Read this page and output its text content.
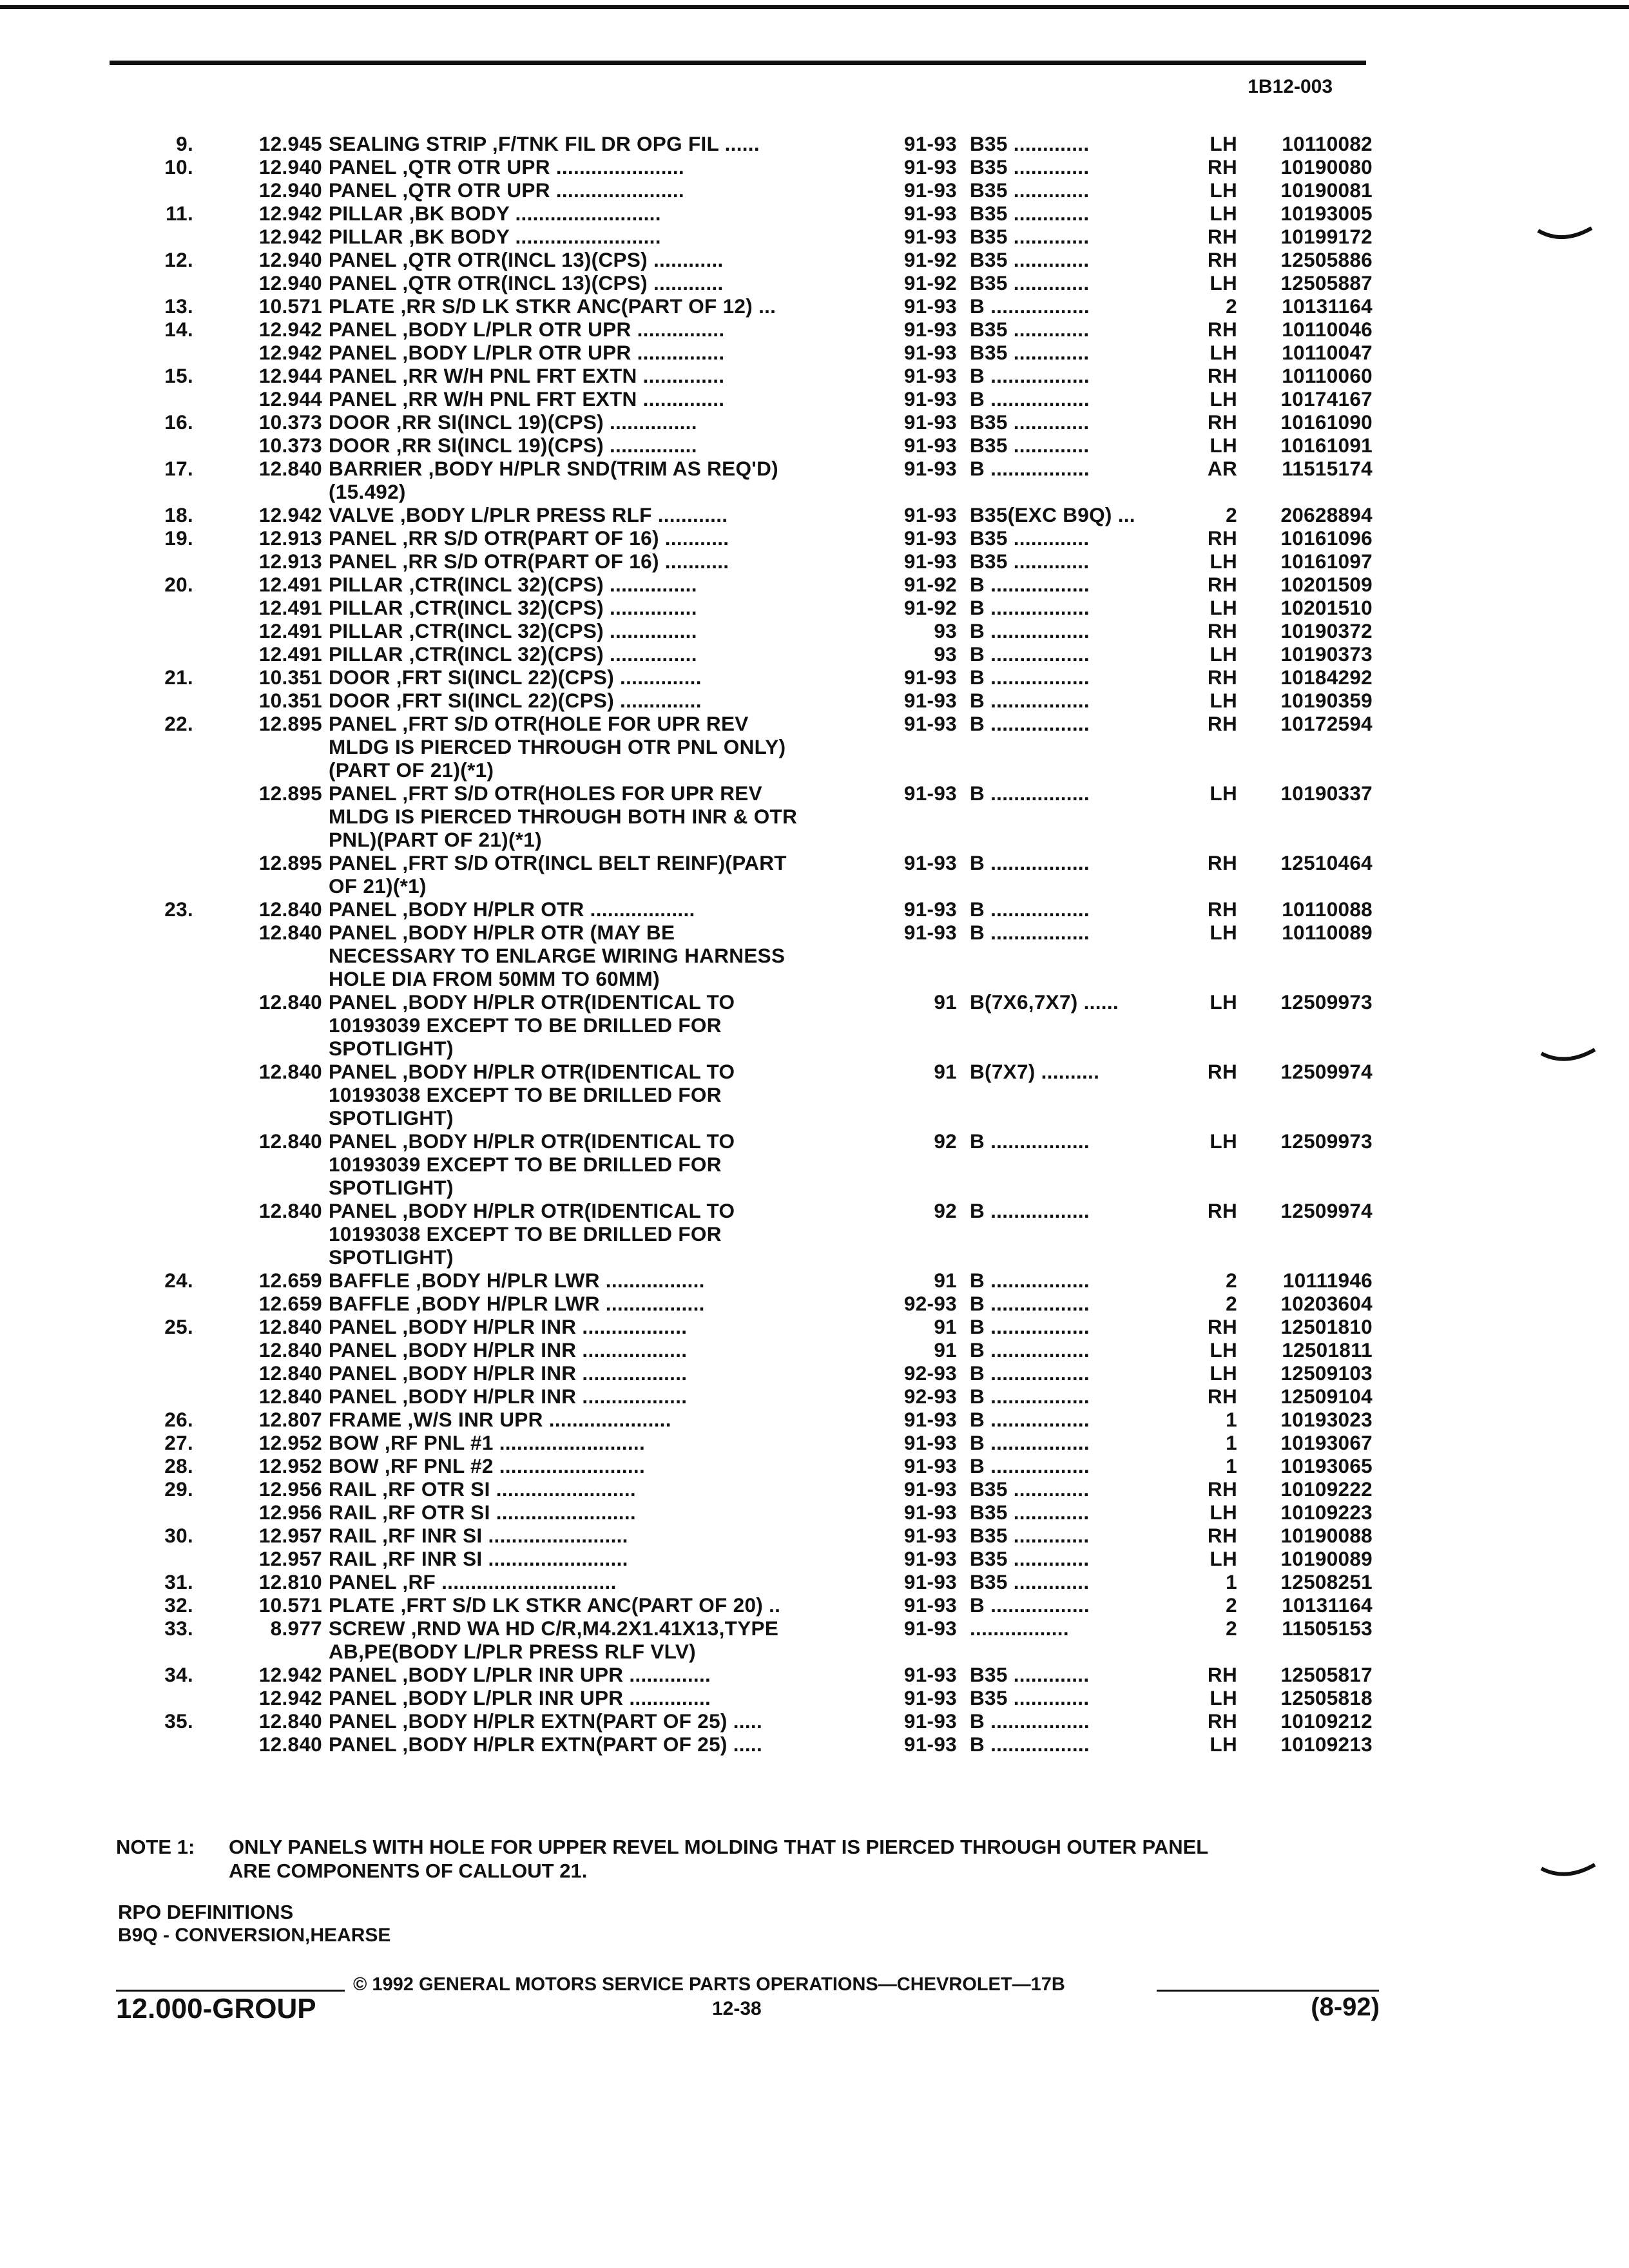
1B12-003
9.	12.945 SEALING STRIP ,F/TNK FIL DR OPG FIL ......	91-93 B35 .............	LH	10110082
10.	12.940 PANEL ,QTR OTR UPR ......................	91-93 B35 .............	RH	10190080
12.940 PANEL ,QTR OTR UPR ......................	91-93 B35 .............	LH	10190081
11.	12.942 PILLAR ,BK BODY .........................	91-93 B35 .............	LH	10193005
12.942 PILLAR ,BK BODY .........................	91-93 B35 .............	RH	10199172
12.	12.940 PANEL ,QTR OTR(INCL 13)(CPS) ............	91-92 B35 .............	RH	12505886
12.940 PANEL ,QTR OTR(INCL 13)(CPS) ............	91-92 B35 .............	LH	12505887
13.	10.571 PLATE ,RR S/D LK STKR ANC(PART OF 12) ...	91-93 B .................	2	10131164
14.	12.942 PANEL ,BODY L/PLR OTR UPR ...............	91-93 B35 .............	RH	10110046
12.942 PANEL ,BODY L/PLR OTR UPR ...............	91-93 B35 .............	LH	10110047
15.	12.944 PANEL ,RR W/H PNL FRT EXTN ..............	91-93 B .................	RH	10110060
12.944 PANEL ,RR W/H PNL FRT EXTN ..............	91-93 B .................	LH	10174167
16.	10.373 DOOR ,RR SI(INCL 19)(CPS) ...............	91-93 B35 .............	RH	10161090
10.373 DOOR ,RR SI(INCL 19)(CPS) ...............	91-93 B35 .............	LH	10161091
17.	12.840 BARRIER ,BODY H/PLR SND(TRIM AS REQ'D)	91-93 B .................	AR	11515174
(15.492)
18.	12.942 VALVE ,BODY L/PLR PRESS RLF ............	91-93 B35(EXC B9Q) ...	2	20628894
19.	12.913 PANEL ,RR S/D OTR(PART OF 16) ...........	91-93 B35 .............	RH	10161096
12.913 PANEL ,RR S/D OTR(PART OF 16) ...........	91-93 B35 .............	LH	10161097
20.	12.491 PILLAR ,CTR(INCL 32)(CPS) ...............	91-92 B .................	RH	10201509
12.491 PILLAR ,CTR(INCL 32)(CPS) ...............	91-92 B .................	LH	10201510
12.491 PILLAR ,CTR(INCL 32)(CPS) ...............	93 B .................	RH	10190372
12.491 PILLAR ,CTR(INCL 32)(CPS) ...............	93 B .................	LH	10190373
21.	10.351 DOOR ,FRT SI(INCL 22)(CPS) ..............	91-93 B .................	RH	10184292
10.351 DOOR ,FRT SI(INCL 22)(CPS) ..............	91-93 B .................	LH	10190359
22.	12.895 PANEL ,FRT S/D OTR(HOLE FOR UPR REV	91-93 B .................	RH	10172594
MLDG IS PIERCED THROUGH OTR PNL ONLY)
(PART OF 21)(*1)
12.895 PANEL ,FRT S/D OTR(HOLES FOR UPR REV	91-93 B .................	LH	10190337
MLDG IS PIERCED THROUGH BOTH INR & OTR
PNL)(PART OF 21)(*1)
12.895 PANEL ,FRT S/D OTR(INCL BELT REINF)(PART	91-93 B .................	RH	12510464
OF 21)(*1)
23.	12.840 PANEL ,BODY H/PLR OTR ..................	91-93 B .................	RH	10110088
12.840 PANEL ,BODY H/PLR OTR (MAY BE	91-93 B .................	LH	10110089
NECESSARY TO ENLARGE WIRING HARNESS
HOLE DIA FROM 50MM TO 60MM)
12.840 PANEL ,BODY H/PLR OTR(IDENTICAL TO	91 B(7X6,7X7) ......	LH	12509973
10193039 EXCEPT TO BE DRILLED FOR
SPOTLIGHT)
12.840 PANEL ,BODY H/PLR OTR(IDENTICAL TO	91 B(7X7) ..........	RH	12509974
10193038 EXCEPT TO BE DRILLED FOR
SPOTLIGHT)
12.840 PANEL ,BODY H/PLR OTR(IDENTICAL TO	92 B .................	LH	12509973
10193039 EXCEPT TO BE DRILLED FOR
SPOTLIGHT)
12.840 PANEL ,BODY H/PLR OTR(IDENTICAL TO	92 B .................	RH	12509974
10193038 EXCEPT TO BE DRILLED FOR
SPOTLIGHT)
24.	12.659 BAFFLE ,BODY H/PLR LWR .................	91 B .................	2	10111946
12.659 BAFFLE ,BODY H/PLR LWR .................	92-93 B .................	2	10203604
25.	12.840 PANEL ,BODY H/PLR INR ..................	91 B .................	RH	12501810
12.840 PANEL ,BODY H/PLR INR ..................	91 B .................	LH	12501811
12.840 PANEL ,BODY H/PLR INR ..................	92-93 B .................	LH	12509103
12.840 PANEL ,BODY H/PLR INR ..................	92-93 B .................	RH	12509104
26.	12.807 FRAME ,W/S INR UPR .....................	91-93 B .................	1	10193023
27.	12.952 BOW ,RF PNL #1 .........................	91-93 B .................	1	10193067
28.	12.952 BOW ,RF PNL #2 .........................	91-93 B .................	1	10193065
29.	12.956 RAIL ,RF OTR SI ........................	91-93 B35 .............	RH	10109222
12.956 RAIL ,RF OTR SI ........................	91-93 B35 .............	LH	10109223
30.	12.957 RAIL ,RF INR SI ........................	91-93 B35 .............	RH	10190088
12.957 RAIL ,RF INR SI ........................	91-93 B35 .............	LH	10190089
31.	12.810 PANEL ,RF ..............................	91-93 B35 .............	1	12508251
32.	10.571 PLATE ,FRT S/D LK STKR ANC(PART OF 20) ..	91-93 B .................	2	10131164
33.	8.977 SCREW ,RND WA HD C/R,M4.2X1.41X13,TYPE	91-93 .................	2	11505153
AB,PE(BODY L/PLR PRESS RLF VLV)
34.	12.942 PANEL ,BODY L/PLR INR UPR ..............	91-93 B35 .............	RH	12505817
12.942 PANEL ,BODY L/PLR INR UPR ..............	91-93 B35 .............	LH	12505818
35.	12.840 PANEL ,BODY H/PLR EXTN(PART OF 25) .....	91-93 B .................	RH	10109212
12.840 PANEL ,BODY H/PLR EXTN(PART OF 25) .....	91-93 B .................	LH	10109213
NOTE 1:	ONLY PANELS WITH HOLE FOR UPPER REVEL MOLDING THAT IS PIERCED THROUGH OUTER PANEL
ARE COMPONENTS OF CALLOUT 21.
RPO DEFINITIONS
B9Q - CONVERSION,HEARSE
© 1992 GENERAL MOTORS SERVICE PARTS OPERATIONS—CHEVROLET—17B
12.000-GROUP	12-38	(8-92)
